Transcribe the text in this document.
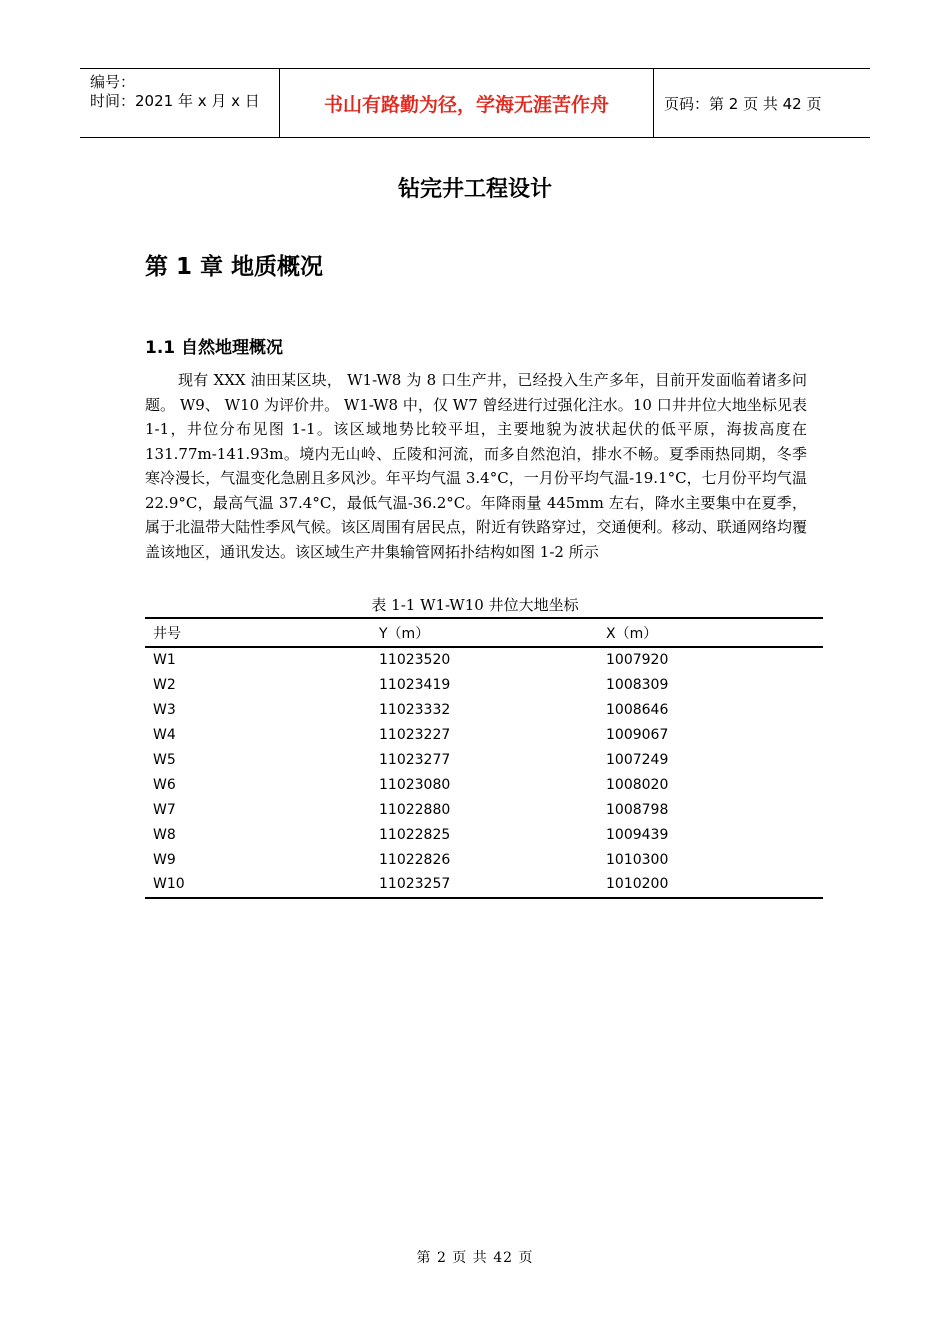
编号：
时间：2021 年 x 月 x 日	书山有路勤为径，学海无涯苦作舟	页码：第 2 页 共 42 页
钻完井工程设计
第 1 章 地质概况
1.1 自然地理概况
现有 XXX 油田某区块， W1-W8 为 8 口生产井，已经投入生产多年，目前开发面临着诸多问题。 W9、 W10 为评价井。 W1-W8 中，仅 W7 曾经进行过强化注水。10 口井井位大地坐标见表 1-1，井位分布见图 1-1。该区域地势比较平坦，主要地貌为波状起伏的低平原，海拔高度在 131.77m-141.93m。境内无山岭、丘陵和河流，而多自然泡泊，排水不畅。夏季雨热同期，冬季寒冷漫长，气温变化急剧且多风沙。年平均气温 3.4°C，一月份平均气温-19.1°C，七月份平均气温 22.9°C，最高气温 37.4°C，最低气温-36.2°C。年降雨量 445mm 左右，降水主要集中在夏季，属于北温带大陆性季风气候。该区周围有居民点，附近有铁路穿过，交通便利。移动、联通网络均覆盖该地区，通讯发达。该区域生产井集输管网拓扑结构如图 1-2 所示
表 1-1 W1-W10 井位大地坐标
井号	Y（m）	X（m）
W1	11023520	1007920
W2	11023419	1008309
W3	11023332	1008646
W4	11023227	1009067
W5	11023277	1007249
W6	11023080	1008020
W7	11022880	1008798
W8	11022825	1009439
W9	11022826	1010300
W10	11023257	1010200
第 2 页 共 42 页
